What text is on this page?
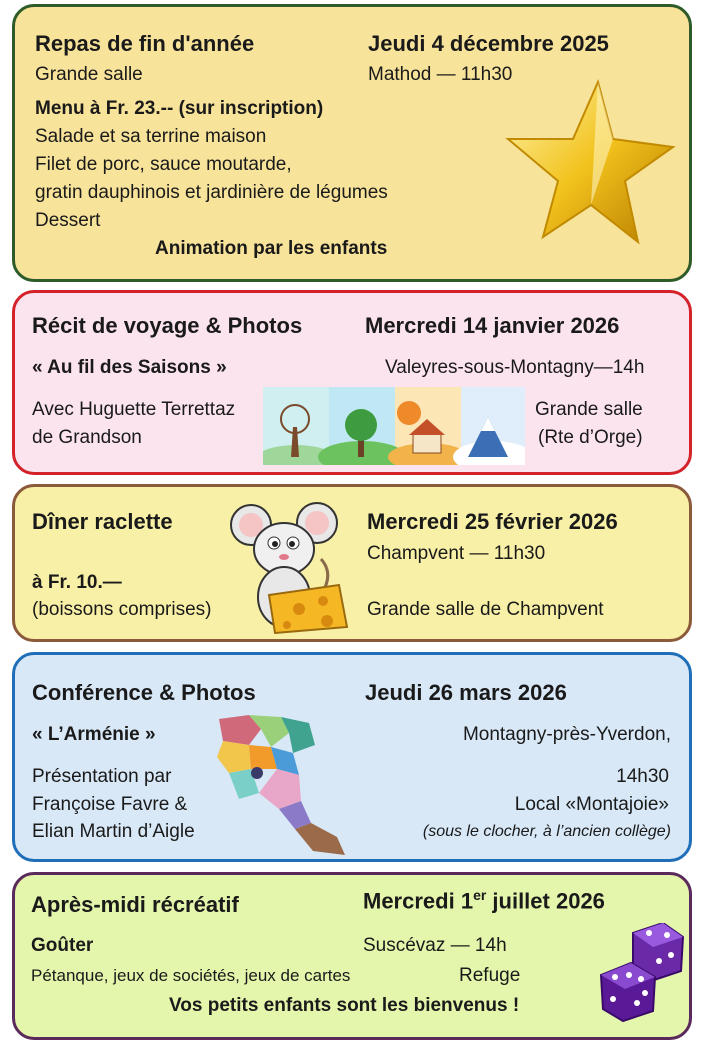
Repas de fin d'année	Jeudi 4 décembre 2025
Grande salle	Mathod — 11h30
Menu à Fr. 23.-- (sur inscription)
Salade et sa terrine maison
Filet de porc, sauce moutarde,
gratin dauphinois et jardinière de légumes
Dessert
Animation par les enfants
Récit de voyage & Photos	Mercredi 14 janvier 2026
« Au fil des Saisons »	Valeyres-sous-Montagny—14h
Avec Huguette Terrettaz
de Grandson
Grande salle
(Rte d’Orge)
Dîner raclette	Mercredi 25 février 2026
Champvent — 11h30
à Fr. 10.—
(boissons comprises)	Grande salle de Champvent
Conférence & Photos	Jeudi 26 mars 2026
« L’Arménie »	Montagny-près-Yverdon,
Présentation par	14h30
Françoise Favre &	Local «Montajoie»
Elian Martin d’Aigle	(sous le clocher, à l’ancien collège)
Après-midi récréatif	Mercredi 1er juillet 2026
Goûter	Suscévaz — 14h
Pétanque, jeux de sociétés, jeux de cartes	Refuge
Vos petits enfants sont les bienvenus !
